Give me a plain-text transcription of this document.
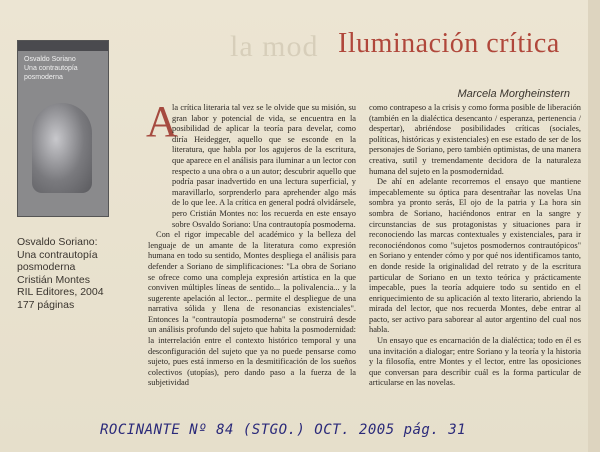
la mod Iluminación crítica
Marcela Morgheinstern
Osvaldo Soriano
Una contrautopía posmoderna
Osvaldo Soriano:
Una contrautopía
posmoderna
Cristián Montes
RIL Editores, 2004
177 páginas
A

la crítica literaria tal vez se le olvide que su misión, su gran labor y potencial de vida, se encuentra en la posibilidad de aplicar la teoría para develar, como diría Heidegger, aquello que se esconde en la literatura, que habla por los agujeros de la escritura, que aparece en el análisis para iluminar a un lector con respecto a una obra o a un autor; descubrir aquello que podría pasar inadvertido en una lectura superficial, y maravillarlo, sorprenderlo para aprehender algo más de lo que lee. A la crítica en general podrá olvidársele, pero Cristián Montes no: los recuerda en este ensayo sobre Osvaldo Soriano: Una contrautopía posmoderna.

Con el rigor impecable del académico y la belleza del lenguaje de un amante de la literatura como expresión humana en todo su sentido, Montes despliega el análisis para defender a Soriano de simplificaciones: "La obra de Soriano se ofrece como una compleja expresión artística en la que conviven múltiples líneas de sentido... la polivalencia... y la sugerente apelación al lector... permite el despliegue de una narrativa sólida y llena de resonancias existenciales". Entonces la "contrautopía posmoderna" se construirá desde un análisis profundo del sujeto que habita la posmodernidad: la interrelación entre el contexto histórico temporal y una desconfiguración del sujeto que ya no puede pensarse como sujeto, pues está inmerso en la desmitificación de los sueños colectivos (utopías), pero dando paso a la fuerza de la subjetividad

como contrapeso a la crisis y como forma posible de liberación (también en la dialéctica desencanto / esperanza, pertenencia / despertar), abriéndose posibilidades críticas (sociales, políticas, históricas y existenciales) en ese estado de ser de los personajes de Soriano, pero también optimistas, de una manera creativa, sutil y tremendamente decidora de la naturaleza humana del sujeto en la posmodernidad.

De ahí en adelante recorremos el ensayo que mantiene impecablemente su óptica para desentrañar las novelas Una sombra ya pronto serás, El ojo de la patria y La hora sin sombra de Soriano, haciéndonos entrar en la sangre y circunstancias de sus protagonistas y situaciones para ir reconociendo las marcas contextuales y existenciales, para ir reconociéndonos como "sujetos posmodernos contrautópicos" en Soriano y entender cómo y por qué nos identificamos tanto, en donde reside la originalidad del retrato y de la escritura particular de Soriano en un texto teórica y prácticamente impecable, pues la teoría adquiere todo su sentido en el enriquecimiento de su aplicación al texto literario, abriendo la mirada del lector, que nos recuerda Montes, debe entrar al pacto, ser activo para saborear al autor argentino del cual nos habla.

Un ensayo que es encarnación de la dialéctica; todo en él es una invitación a dialogar; entre Soriano y la teoría y la historia y la filosofía, entre Montes y el lector, entre las oposiciones que conversan para describir cuál es la forma particular de articularse en las novelas.

ROCINANTE Nº 84 (STGO.) OCT. 2005 pág. 31
